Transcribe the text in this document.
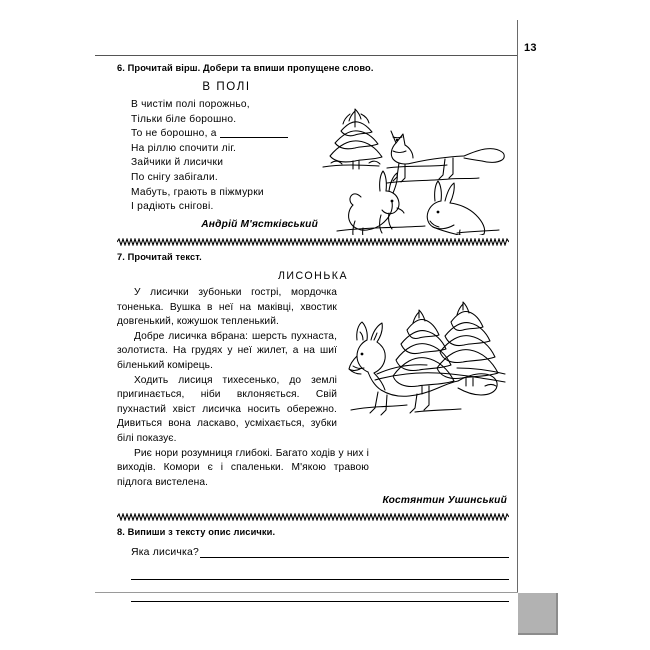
13
6. Прочитай вірш. Добери та впиши пропущене слово.
В ПОЛІ
В чистім полі порожньо,
Тільки біле борошно.
То не борошно, а
На ріллю спочити ліг.
Зайчики й лисички
По снігу забігали.
Мабуть, грають в піжмурки
І радіють снігові.
Андрій М'ястківський
7. Прочитай текст.
ЛИСОНЬКА

У лисички зубоньки гострі, мордочка тоненька. Вушка в неї на маківці, хвостик довгенький, кожушок тепленький.

Добре лисичка вбрана: шерсть пухнаста, золотиста. На грудях у неї жилет, а на шиї біленький комірець.

Ходить лисиця тихесенько, до землі пригинається, ніби вклоняється. Свій пухнастий хвіст лисичка носить обережно. Дивиться вона ласкаво, усміхається, зубки білі показує.

Риє нори розумниця глибокі. Багато ходів у них і виходів. Комори є і спаленьки. М'якою травою підлога вистелена.

Костянтин Ушинський
8. Випиши з тексту опис лисички.
Яка лисичка?
